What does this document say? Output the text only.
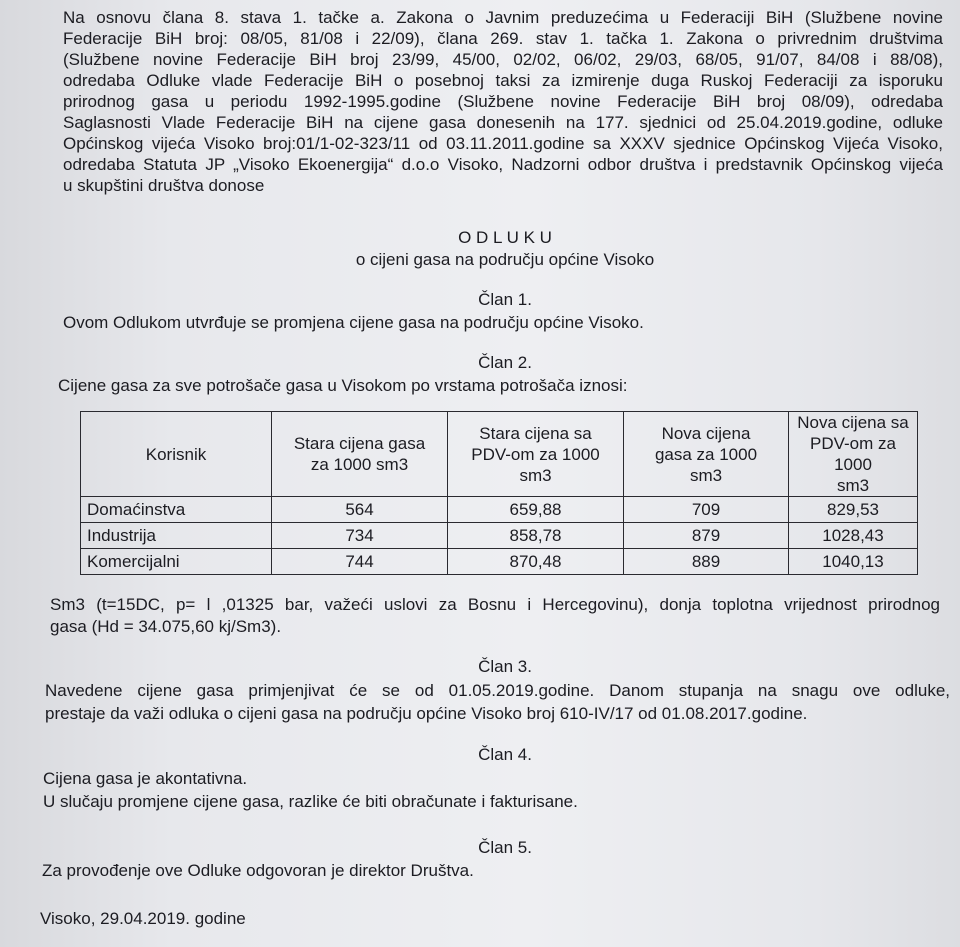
Na osnovu člana 8. stava 1. tačke a. Zakona o Javnim preduzećima u Federaciji BiH (Službene novine
Federacije BiH broj: 08/05, 81/08 i 22/09), člana 269. stav 1. tačka 1. Zakona o privrednim društvima
(Službene novine Federacije BiH broj 23/99, 45/00, 02/02, 06/02, 29/03, 68/05, 91/07, 84/08 i 88/08),
odredaba Odluke vlade Federacije BiH o posebnoj taksi za izmirenje duga Ruskoj Federaciji za isporuku
prirodnog gasa u periodu 1992-1995.godine (Službene novine Federacije BiH broj 08/09), odredaba
Saglasnosti Vlade Federacije BiH na cijene gasa donesenih na 177. sjednici od 25.04.2019.godine, odluke
Općinskog vijeća Visoko broj:01/1-02-323/11 od 03.11.2011.godine sa XXXV sjednice Općinskog Vijeća Visoko,
odredaba Statuta JP „Visoko Ekoenergija“ d.o.o Visoko, Nadzorni odbor društva i predstavnik Općinskog vijeća
u skupštini društva donose
O D L U K U
o cijeni gasa na području općine Visoko
Član 1.
Ovom Odlukom utvrđuje se promjena cijene gasa na području općine Visoko.
Član 2.
Cijene gasa za sve potrošače gasa u Visokom po vrstama potrošača iznosi:
Korisnik	Stara cijena gasa
za 1000 sm3	Stara cijena sa
PDV-om za 1000
sm3	Nova cijena
gasa za 1000
sm3	Nova cijena sa
PDV-om za 1000
sm3
Domaćinstva	564	659,88	709	829,53
Industrija	734	858,78	879	1028,43
Komercijalni	744	870,48	889	1040,13
Sm3 (t=15DC, p= l ,01325 bar, važeći uslovi za Bosnu i Hercegovinu), donja toplotna vrijednost prirodnog
gasa (Hd = 34.075,60 kj/Sm3).
Član 3.
Navedene cijene gasa primjenjivat će se od 01.05.2019.godine. Danom stupanja na snagu ove odluke,
prestaje da važi odluka o cijeni gasa na području općine Visoko broj 610-IV/17 od 01.08.2017.godine.
Član 4.
Cijena gasa je akontativna.
U slučaju promjene cijene gasa, razlike će biti obračunate i fakturisane.
Član 5.
Za provođenje ove Odluke odgovoran je direktor Društva.
Visoko, 29.04.2019. godine
